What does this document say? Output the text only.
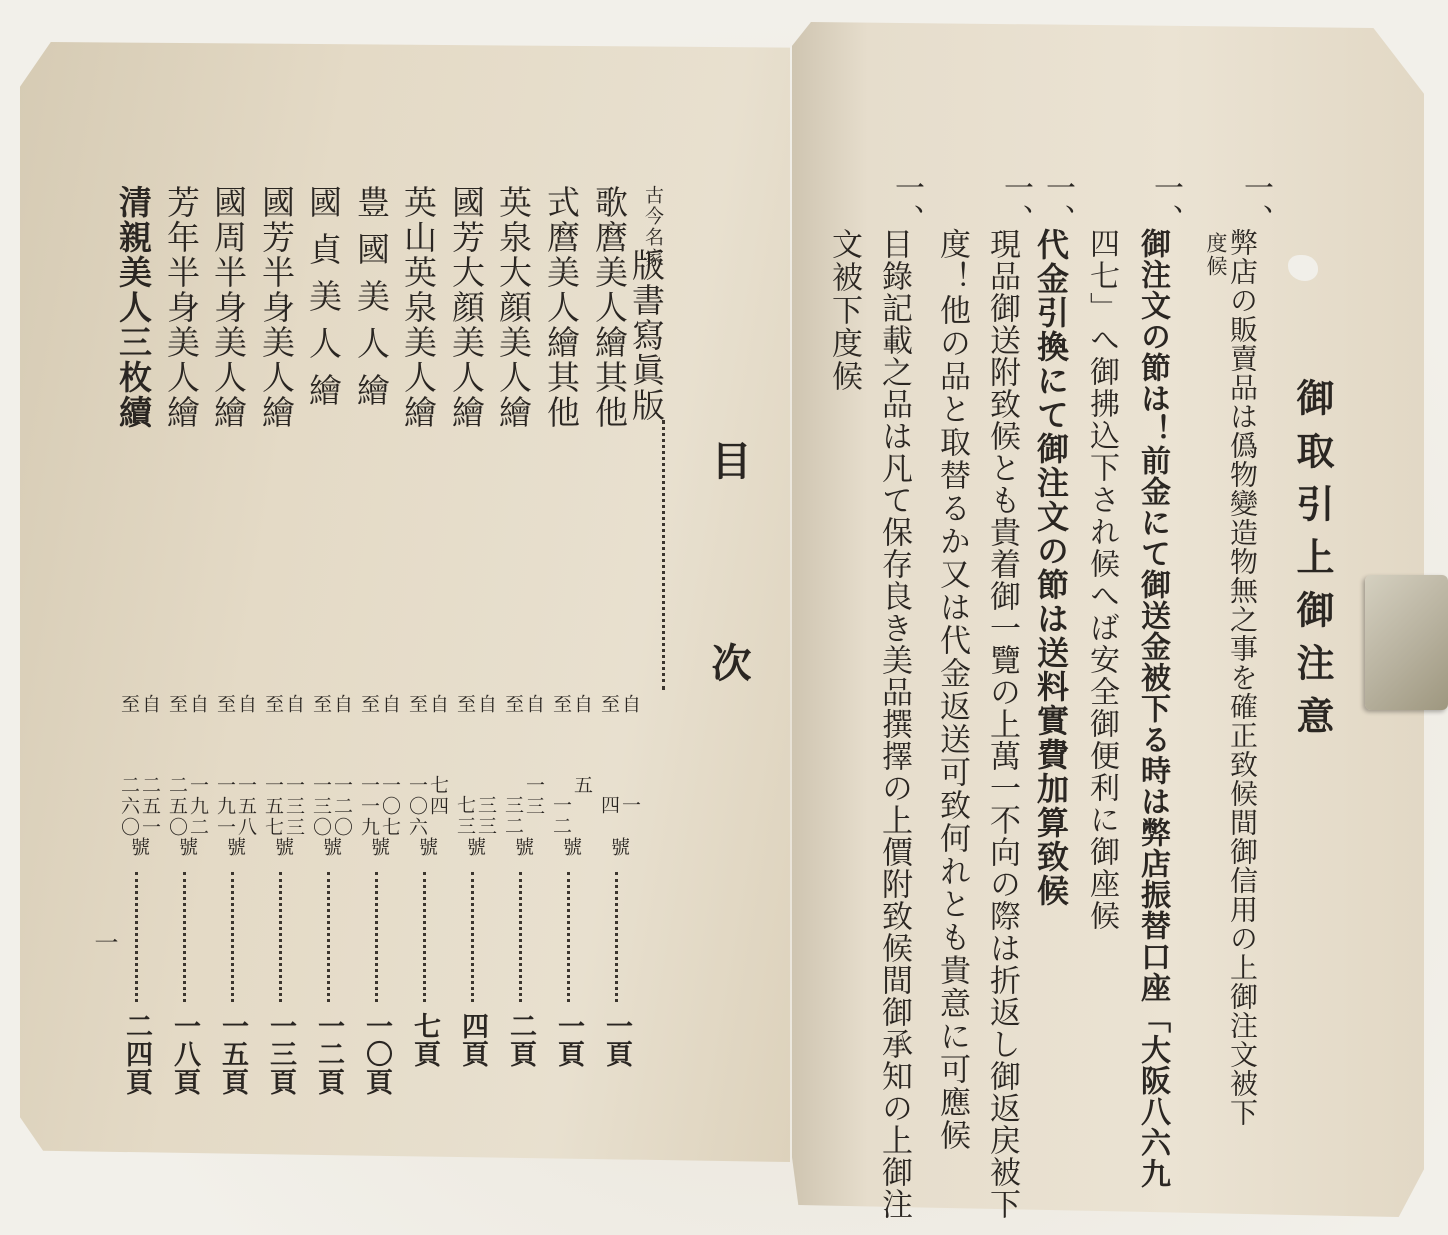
目
次
古今名家
版書寫眞版
歌麿美人繪其他
式麿美人繪其他
英泉大顔美人繪
國芳大顔美人繪
英山英泉美人繪
豊國美人繪
國貞美人繪
國芳半身美人繪
國周半身美人繪
芳年半身美人繪
清親美人三枚續
自
至
自
至
自
至
自
至
自
至
自
至
自
至
自
至
自
至
自
至
自
至
一
四
號
五
一二
號
一三
三二
號
三三
七三
號
七四
一〇六
號
一〇七
一一九
號
一二〇
一三〇
號
一三三
一五七
號
一五八
一九一
號
一九二
二五〇
號
二五一
二六〇
號
一頁
一頁
二頁
四頁
七頁
一〇頁
一二頁
一三頁
一五頁
一八頁
二四頁
一
御取引上御注意
一、
弊店の販賣品は僞物變造物無之事を確正致候間御信用の上御注文被下
度候
一、
御注文の節は！前金にて御送金被下る時は弊店振替口座「大阪八六九
四七」へ御拂込下され候へば安全御便利に御座候
一、
代金引換にて御注文の節は送料實費加算致候
一、
現品御送附致候とも貴着御一覽の上萬一不向の際は折返し御返戻被下
度！他の品と取替るか又は代金返送可致何れとも貴意に可應候
一、
目錄記載之品は凡て保存良き美品撰擇の上價附致候間御承知の上御注
文被下度候
